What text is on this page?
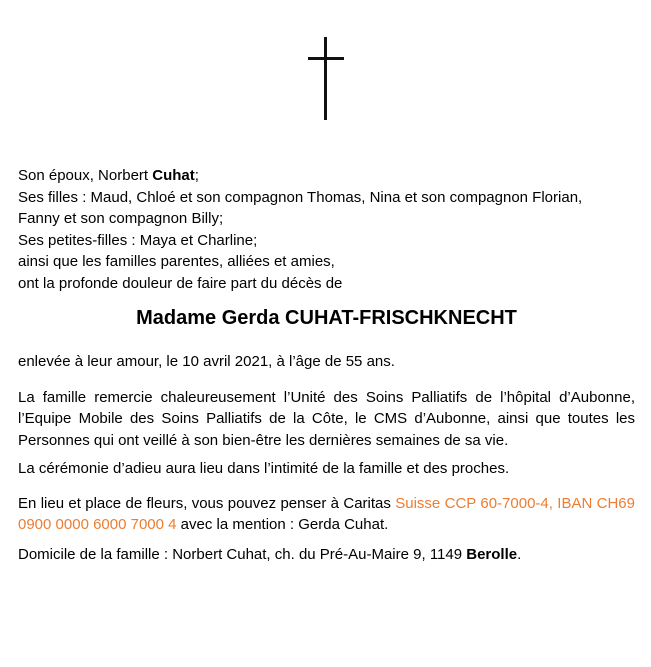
Son époux, Norbert Cuhat;
Ses filles : Maud, Chloé et son compagnon Thomas, Nina et son compagnon Florian,
Fanny et son compagnon Billy;
Ses petites-filles : Maya et Charline;
ainsi que les familles parentes, alliées et amies,
ont la profonde douleur de faire part du décès de
Madame Gerda CUHAT-FRISCHKNECHT
enlevée à leur amour, le 10 avril 2021, à l’âge de 55 ans.
La famille remercie chaleureusement l’Unité des Soins Palliatifs de l’hôpital d’Aubonne, l’Equipe Mobile des Soins Palliatifs de la Côte, le CMS d’Aubonne, ainsi que toutes les Personnes qui ont veillé à son bien-être les dernières semaines de sa vie.
La cérémonie d’adieu aura lieu dans l’intimité de la famille et des proches.
En lieu et place de fleurs, vous pouvez penser à Caritas Suisse CCP 60-7000-4, IBAN CH69 0900 0000 6000 7000 4 avec la mention : Gerda Cuhat.
Domicile de la famille : Norbert Cuhat, ch. du Pré-Au-Maire 9, 1149 Berolle.
